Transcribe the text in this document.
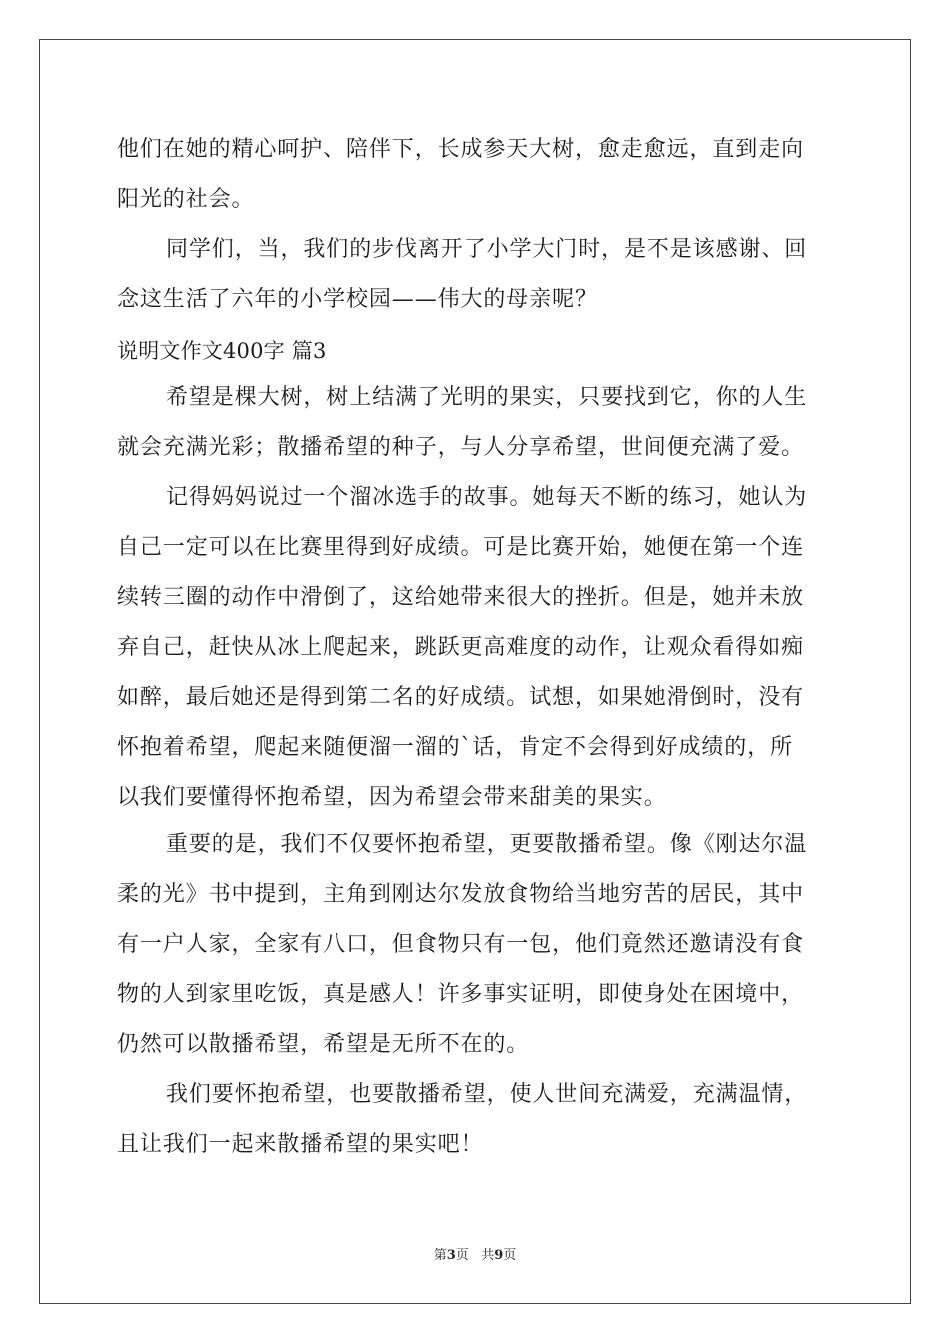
他们在她的精心呵护、陪伴下，长成参天大树，愈走愈远，直到走向
阳光的社会。
同学们，当，我们的步伐离开了小学大门时，是不是该感谢、回
念这生活了六年的小学校园——伟大的母亲呢？
说明文作文400字 篇3
希望是棵大树，树上结满了光明的果实，只要找到它，你的人生
就会充满光彩；散播希望的种子，与人分享希望，世间便充满了爱。
记得妈妈说过一个溜冰选手的故事。她每天不断的练习，她认为
自己一定可以在比赛里得到好成绩。可是比赛开始，她便在第一个连
续转三圈的动作中滑倒了，这给她带来很大的挫折。但是，她并未放
弃自己，赶快从冰上爬起来，跳跃更高难度的动作，让观众看得如痴
如醉，最后她还是得到第二名的好成绩。试想，如果她滑倒时，没有
怀抱着希望，爬起来随便溜一溜的`话，肯定不会得到好成绩的，所
以我们要懂得怀抱希望，因为希望会带来甜美的果实。
重要的是，我们不仅要怀抱希望，更要散播希望。像《刚达尔温
柔的光》书中提到，主角到刚达尔发放食物给当地穷苦的居民，其中
有一户人家，全家有八口，但食物只有一包，他们竟然还邀请没有食
物的人到家里吃饭，真是感人！许多事实证明，即使身处在困境中，
仍然可以散播希望，希望是无所不在的。
我们要怀抱希望，也要散播希望，使人世间充满爱，充满温情，
且让我们一起来散播希望的果实吧！
第3页 共9页
